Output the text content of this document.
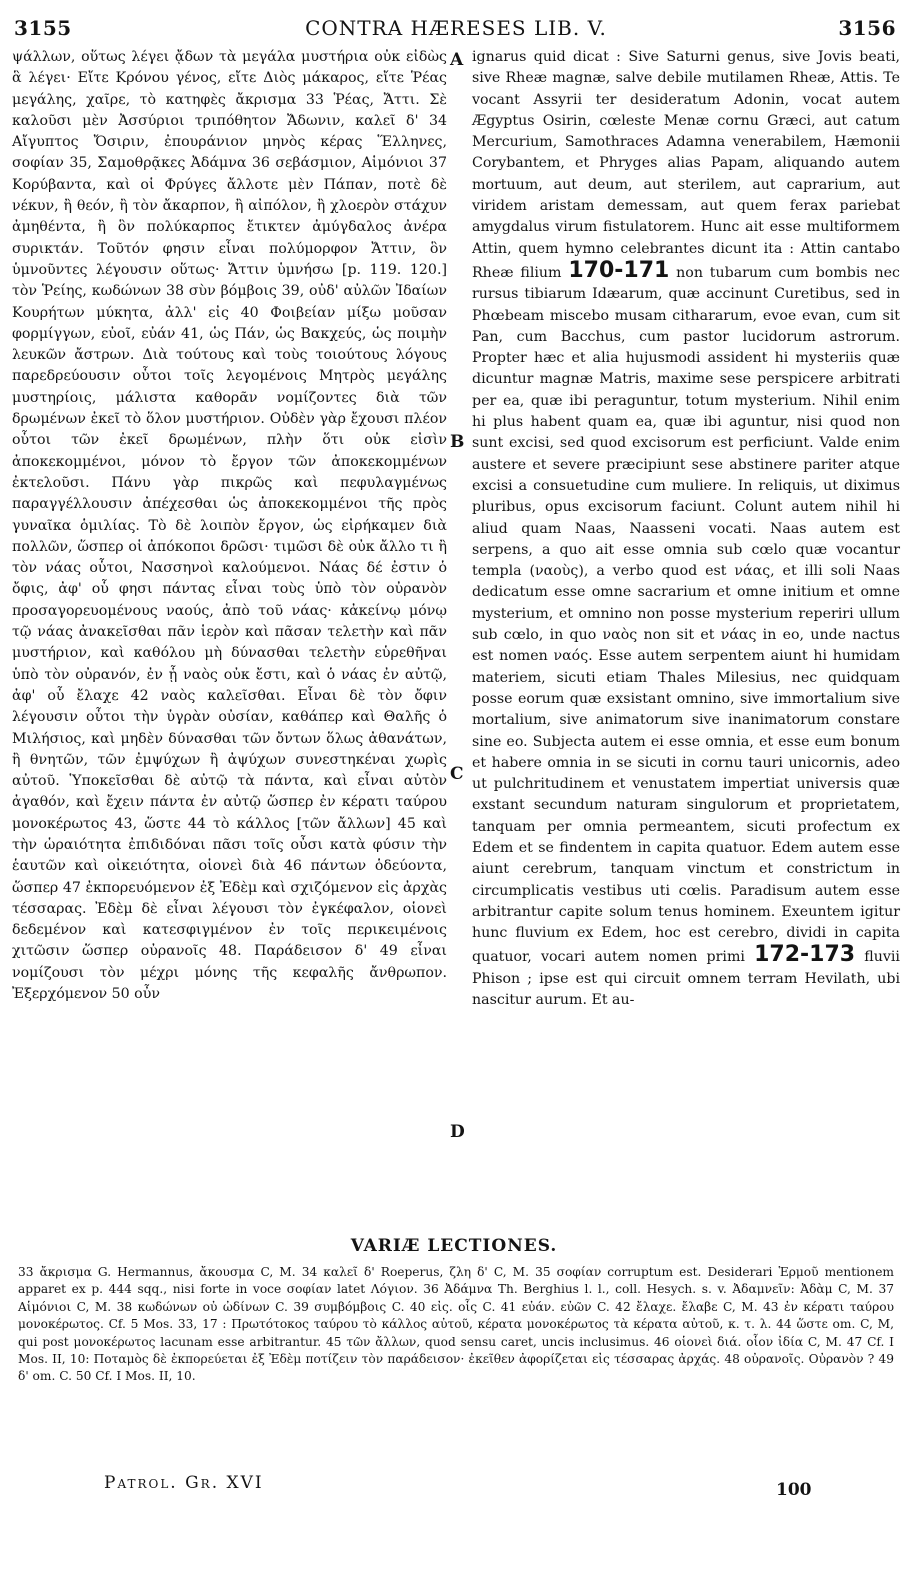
3155	CONTRA HÆRESES LIB. V.	3156

ψάλλων, οὕτως λέγει ᾄδων τὰ μεγάλα μυστήρια οὐκ εἰδὼς ἃ λέγει· Εἴτε Κρόνου γένος, εἴτε Διὸς μάκαρος, εἴτε Ῥέας μεγάλης, χαῖρε, τὸ κατηφὲς ἄκρισμα 33 Ῥέας, Ἄττι. Σὲ καλοῦσι μὲν Ἀσσύριοι τριπόθητον Ἄδωνιν, καλεῖ δ' 34 Αἴγυπτος Ὄσιριν, ἐπουράνιον μηνὸς κέρας Ἕλληνες, σοφίαν 35, Σαμοθρᾷκες Ἀδάμνα 36 σεβάσμιον, Αἱμόνιοι 37 Κορύβαντα, καὶ οἱ Φρύγες ἄλλοτε μὲν Πάπαν, ποτὲ δὲ νέκυν, ἢ θεόν, ἢ τὸν ἄκαρπον, ἢ αἰπόλον, ἢ χλοερὸν στάχυν ἀμηθέντα, ἢ ὃν πολύκαρπος ἔτικτεν ἀμύγδαλος ἀνέρα συρικτάν. Τοῦτόν φησιν εἶναι πολύμορφον Ἄττιν, ὃν ὑμνοῦντες λέγουσιν οὕτως· Ἄττιν ὑμνήσω [p. 119. 120.] τὸν Ῥείης, κωδώνων 38 σὺν βόμβοις 39, οὐδ' αὐλῶν Ἰδαίων Κουρήτων μύκητα, ἀλλ' εἰς 40 Φοιβείαν μίξω μοῦσαν φορμίγγων, εὐοῖ, εὐάν 41, ὡς Πάν, ὡς Βακχεύς, ὡς ποιμὴν λευκῶν ἄστρων. Διὰ τούτους καὶ τοὺς τοιούτους λόγους παρεδρεύουσιν οὗτοι τοῖς λεγομένοις Μητρὸς μεγάλης μυστηρίοις, μάλιστα καθορᾶν νομίζοντες διὰ τῶν δρωμένων ἐκεῖ τὸ ὅλον μυστήριον. Οὐδὲν γὰρ ἔχουσι πλέον οὗτοι τῶν ἐκεῖ δρωμένων, πλὴν ὅτι οὐκ εἰσὶν ἀποκεκομμένοι, μόνον τὸ ἔργον τῶν ἀποκεκομμένων ἐκτελοῦσι. Πάνυ γὰρ πικρῶς καὶ πεφυλαγμένως παραγγέλλουσιν ἀπέχεσθαι ὡς ἀποκεκομμένοι τῆς πρὸς γυναῖκα ὁμιλίας. Τὸ δὲ λοιπὸν ἔργον, ὡς εἰρήκαμεν διὰ πολλῶν, ὥσπερ οἱ ἀπόκοποι δρῶσι· τιμῶσι δὲ οὐκ ἄλλο τι ἢ τὸν νάας οὗτοι, Νασσηνοὶ καλούμενοι. Νάας δέ ἐστιν ὁ ὄφις, ἀφ' οὗ φησι πάντας εἶναι τοὺς ὑπὸ τὸν οὐρανὸν προσαγορευομένους ναούς, ἀπὸ τοῦ νάας· κἀκείνῳ μόνῳ τῷ νάας ἀνακεῖσθαι πᾶν ἱερὸν καὶ πᾶσαν τελετὴν καὶ πᾶν μυστήριον, καὶ καθόλου μὴ δύνασθαι τελετὴν εὑρεθῆναι ὑπὸ τὸν οὐρανόν, ἐν ᾗ ναὸς οὐκ ἔστι, καὶ ὁ νάας ἐν αὐτῷ, ἀφ' οὗ ἔλαχε 42 ναὸς καλεῖσθαι. Εἶναι δὲ τὸν ὄφιν λέγουσιν οὗτοι τὴν ὑγρὰν οὐσίαν, καθάπερ καὶ Θαλῆς ὁ Μιλήσιος, καὶ μηδὲν δύνασθαι τῶν ὄντων ὅλως ἀθανάτων, ἢ θνητῶν, τῶν ἐμψύχων ἢ ἀψύχων συνεστηκέναι χωρὶς αὐτοῦ. Ὑποκεῖσθαι δὲ αὐτῷ τὰ πάντα, καὶ εἶναι αὐτὸν ἀγαθόν, καὶ ἔχειν πάντα ἐν αὐτῷ ὥσπερ ἐν κέρατι ταύρου μονοκέρωτος 43, ὥστε 44 τὸ κάλλος [τῶν ἄλλων] 45 καὶ τὴν ὡραιότητα ἐπιδιδόναι πᾶσι τοῖς οὖσι κατὰ φύσιν τὴν ἑαυτῶν καὶ οἰκειότητα, οἱονεὶ διὰ 46 πάντων ὁδεύοντα, ὥσπερ 47 ἐκπορευόμενον ἐξ Ἐδὲμ καὶ σχιζόμενον εἰς ἀρχὰς τέσσαρας. Ἐδὲμ δὲ εἶναι λέγουσι τὸν ἐγκέφαλον, οἱονεὶ δεδεμένον καὶ κατεσφιγμένον ἐν τοῖς περικειμένοις χιτῶσιν ὥσπερ οὐρανοῖς 48. Παράδεισον δ' 49 εἶναι νομίζουσι τὸν μέχρι μόνης τῆς κεφαλῆς ἄνθρωπον. Ἐξερχόμενον 50 οὖν

A
B
C
D

ignarus quid dicat : Sive Saturni genus, sive Jovis beati, sive Rheæ magnæ, salve debile mutilamen Rheæ, Attis. Te vocant Assyrii ter desideratum Adonin, vocat autem Ægyptus Osirin, cœleste Menæ cornu Græci, aut catum Mercurium, Samothraces Adamna venerabilem, Hæmonii Corybantem, et Phryges alias Papam, aliquando autem mortuum, aut deum, aut sterilem, aut caprarium, aut viridem aristam demessam, aut quem ferax pariebat amygdalus virum fistulatorem. Hunc ait esse multiformem Attin, quem hymno celebrantes dicunt ita : Attin cantabo Rheæ filium 170-171 non tubarum cum bombis nec rursus tibiarum Idæarum, quæ accinunt Curetibus, sed in Phœbeam miscebo musam cithararum, evoe evan, cum sit Pan, cum Bacchus, cum pastor lucidorum astrorum. Propter hæc et alia hujusmodi assident hi mysteriis quæ dicuntur magnæ Matris, maxime sese perspicere arbitrati per ea, quæ ibi peraguntur, totum mysterium. Nihil enim hi plus habent quam ea, quæ ibi aguntur, nisi quod non sunt excisi, sed quod excisorum est perficiunt. Valde enim austere et severe præcipiunt sese abstinere pariter atque excisi a consuetudine cum muliere. In reliquis, ut diximus pluribus, opus excisorum faciunt. Colunt autem nihil hi aliud quam Naas, Naasseni vocati. Naas autem est serpens, a quo ait esse omnia sub cœlo quæ vocantur templa (ναοὺς), a verbo quod est νάας, et illi soli Naas dedicatum esse omne sacrarium et omne initium et omne mysterium, et omnino non posse mysterium reperiri ullum sub cœlo, in quo ναὸς non sit et νάας in eo, unde nactus est nomen ναός. Esse autem serpentem aiunt hi humidam materiem, sicuti etiam Thales Milesius, nec quidquam posse eorum quæ exsistant omnino, sive immortalium sive mortalium, sive animatorum sive inanimatorum constare sine eo. Subjecta autem ei esse omnia, et esse eum bonum et habere omnia in se sicuti in cornu tauri unicornis, adeo ut pulchritudinem et venustatem impertiat universis quæ exstant secundum naturam singulorum et proprietatem, tanquam per omnia permeantem, sicuti profectum ex Edem et se findentem in capita quatuor. Edem autem esse aiunt cerebrum, tanquam vinctum et constrictum in circumplicatis vestibus uti cœlis. Paradisum autem esse arbitrantur capite solum tenus hominem. Exeuntem igitur hunc fluvium ex Edem, hoc est cerebro, dividi in capita quatuor, vocari autem nomen primi 172-173 fluvii Phison ; ipse est qui circuit omnem terram Hevilath, ubi nascitur aurum. Et au-

VARIÆ LECTIONES.

33 ἄκρισμα G. Hermannus, ἄκουσμα C, M. 34 καλεῖ δ' Roeperus, ζλη δ' C, M. 35 σοφίαν corruptum est. Desiderari Ἑρμοῦ mentionem apparet ex p. 444 sqq., nisi forte in voce σοφίαν latet Λόγιον. 36 Ἀδάμνα Th. Berghius l. l., coll. Hesych. s. v. Ἀδαμνεῖν: Ἀδὰμ C, M. 37 Αἱμόνιοι C, M. 38 κωδώνων οὐ ὠδίνων C. 39 συμβόμβοις C. 40 εἰς. οἷς C. 41 εὐάν. εὐῶν C. 42 ἔλαχε. ἔλαβε C, M. 43 ἐν κέρατι ταύρου μονοκέρωτος. Cf. 5 Mos. 33, 17 : Πρωτότοκος ταύρου τὸ κάλλος αὐτοῦ, κέρατα μονοκέρωτος τὰ κέρατα αὐτοῦ, κ. τ. λ. 44 ὥστε om. C, M, qui post μονοκέρωτος lacunam esse arbitrantur. 45 τῶν ἄλλων, quod sensu caret, uncis inclusimus. 46 οἱονεὶ διά. οἷον ἰδία C, M. 47 Cf. I Mos. II, 10: Ποταμὸς δὲ ἐκπορεύεται ἐξ Ἐδὲμ ποτίζειν τὸν παράδεισον· ἐκεῖθεν ἀφορίζεται εἰς τέσσαρας ἀρχάς. 48 οὐρανοῖς. Οὐρανὸν ? 49 δ' om. C. 50 Cf. I Mos. II, 10.

Patrol. Gr. XVI	100
